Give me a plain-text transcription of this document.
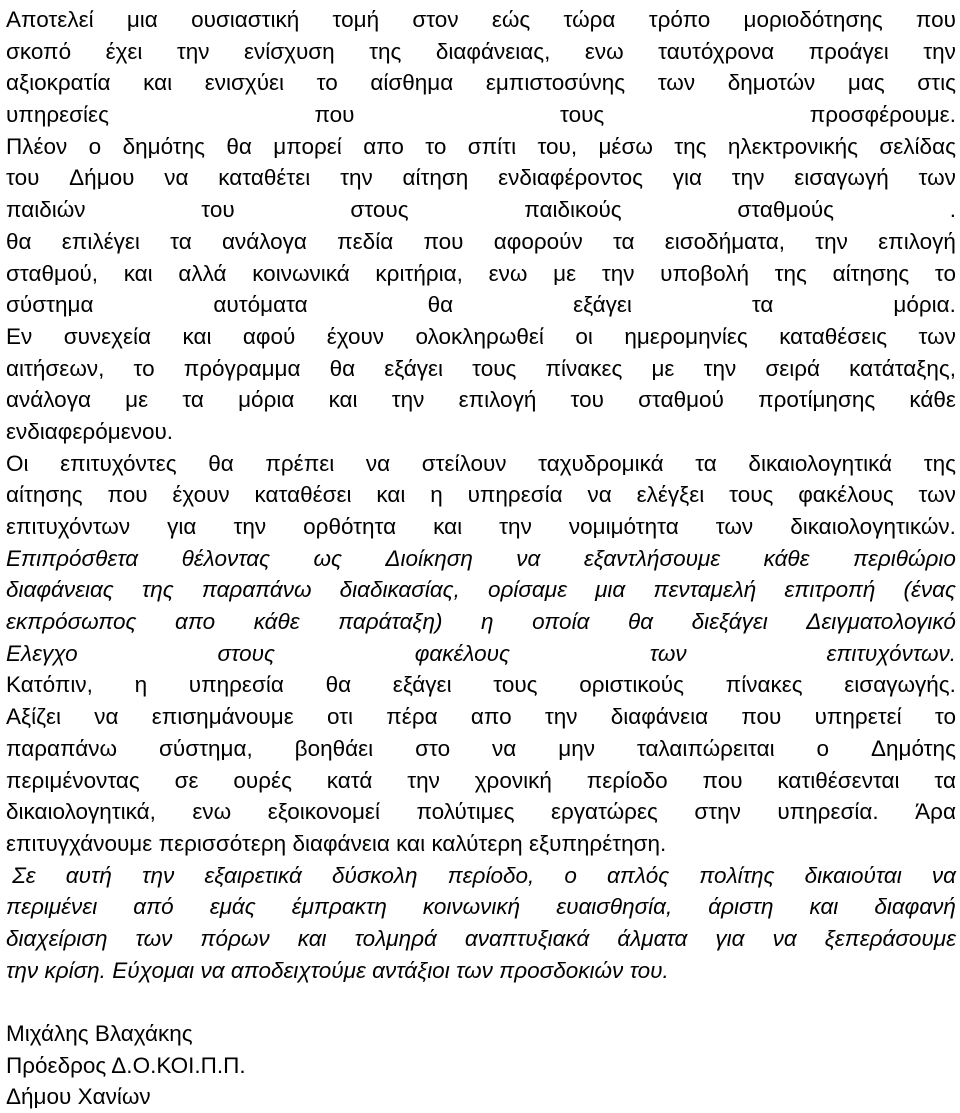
Αποτελεί μια ουσιαστική τομή στον εώς τώρα τρόπο μοριοδότησης που
σκοπό έχει την ενίσχυση της διαφάνειας, ενω ταυτόχρονα προάγει την
αξιοκρατία και ενισχύει το αίσθημα εμπιστοσύνης των δημοτών μας στις
υπηρεσίες	που	τους	προσφέρουμε.
Πλέον ο δημότης θα μπορεί απο το σπίτι του, μέσω της ηλεκτρονικής σελίδας
του Δήμου να καταθέτει την αίτηση ενδιαφέροντος για την εισαγωγή των
παιδιών	του	στους	παιδικούς	σταθμούς	.
θα επιλέγει τα ανάλογα πεδία που αφορούν τα εισοδήματα, την επιλογή
σταθμού, και αλλά κοινωνικά κριτήρια, ενω με την υποβολή της αίτησης το
σύστημα	αυτόματα	θα	εξάγει	τα	μόρια.
Εν συνεχεία και αφού έχουν ολοκληρωθεί οι ημερομηνίες καταθέσεις των
αιτήσεων, το πρόγραμμα θα εξάγει τους πίνακες με την σειρά κατάταξης,
ανάλογα με τα μόρια και την επιλογή του σταθμού προτίμησης κάθε
ενδιαφερόμενου.
Οι επιτυχόντες θα πρέπει να στείλουν ταχυδρομικά τα δικαιολογητικά της
αίτησης που έχουν καταθέσει και η υπηρεσία να ελέγξει τους φακέλους των
επιτυχόντων για την ορθότητα και την νομιμότητα των δικαιολογητικών.
Επιπρόσθετα θέλοντας ως Διοίκηση να εξαντλήσουμε κάθε περιθώριο
διαφάνειας της παραπάνω διαδικασίας, ορίσαμε μια πενταμελή επιτροπή (ένας
εκπρόσωπος απο κάθε παράταξη) η οποία θα διεξάγει Δειγματολογικό
Ελεγχο	στους	φακέλους	των	επιτυχόντων.
Κατόπιν, η υπηρεσία θα εξάγει τους οριστικούς πίνακες εισαγωγής.
Αξίζει να επισημάνουμε οτι πέρα απο την διαφάνεια που υπηρετεί το
παραπάνω σύστημα, βοηθάει στο να μην ταλαιπώρειται ο Δημότης
περιμένοντας σε ουρές κατά την χρονική περίοδο που κατιθέσενται τα
δικαιολογητικά, ενω εξοικονομεί πολύτιμες εργατώρες στην υπηρεσία. Άρα
επιτυγχάνουμε περισσότερη διαφάνεια και καλύτερη εξυπηρέτηση.
Σε αυτή την εξαιρετικά δύσκολη περίοδο, ο απλός πολίτης δικαιούται να
περιμένει από εμάς έμπρακτη κοινωνική ευαισθησία, άριστη και διαφανή
διαχείριση των πόρων και τολμηρά αναπτυξιακά άλματα για να ξεπεράσουμε
την κρίση. Εύχομαι να αποδειχτούμε αντάξιοι των προσδοκιών του.
Μιχάλης Βλαχάκης
Πρόεδρος Δ.Ο.ΚΟΙ.Π.Π.
Δήμου Χανίων
